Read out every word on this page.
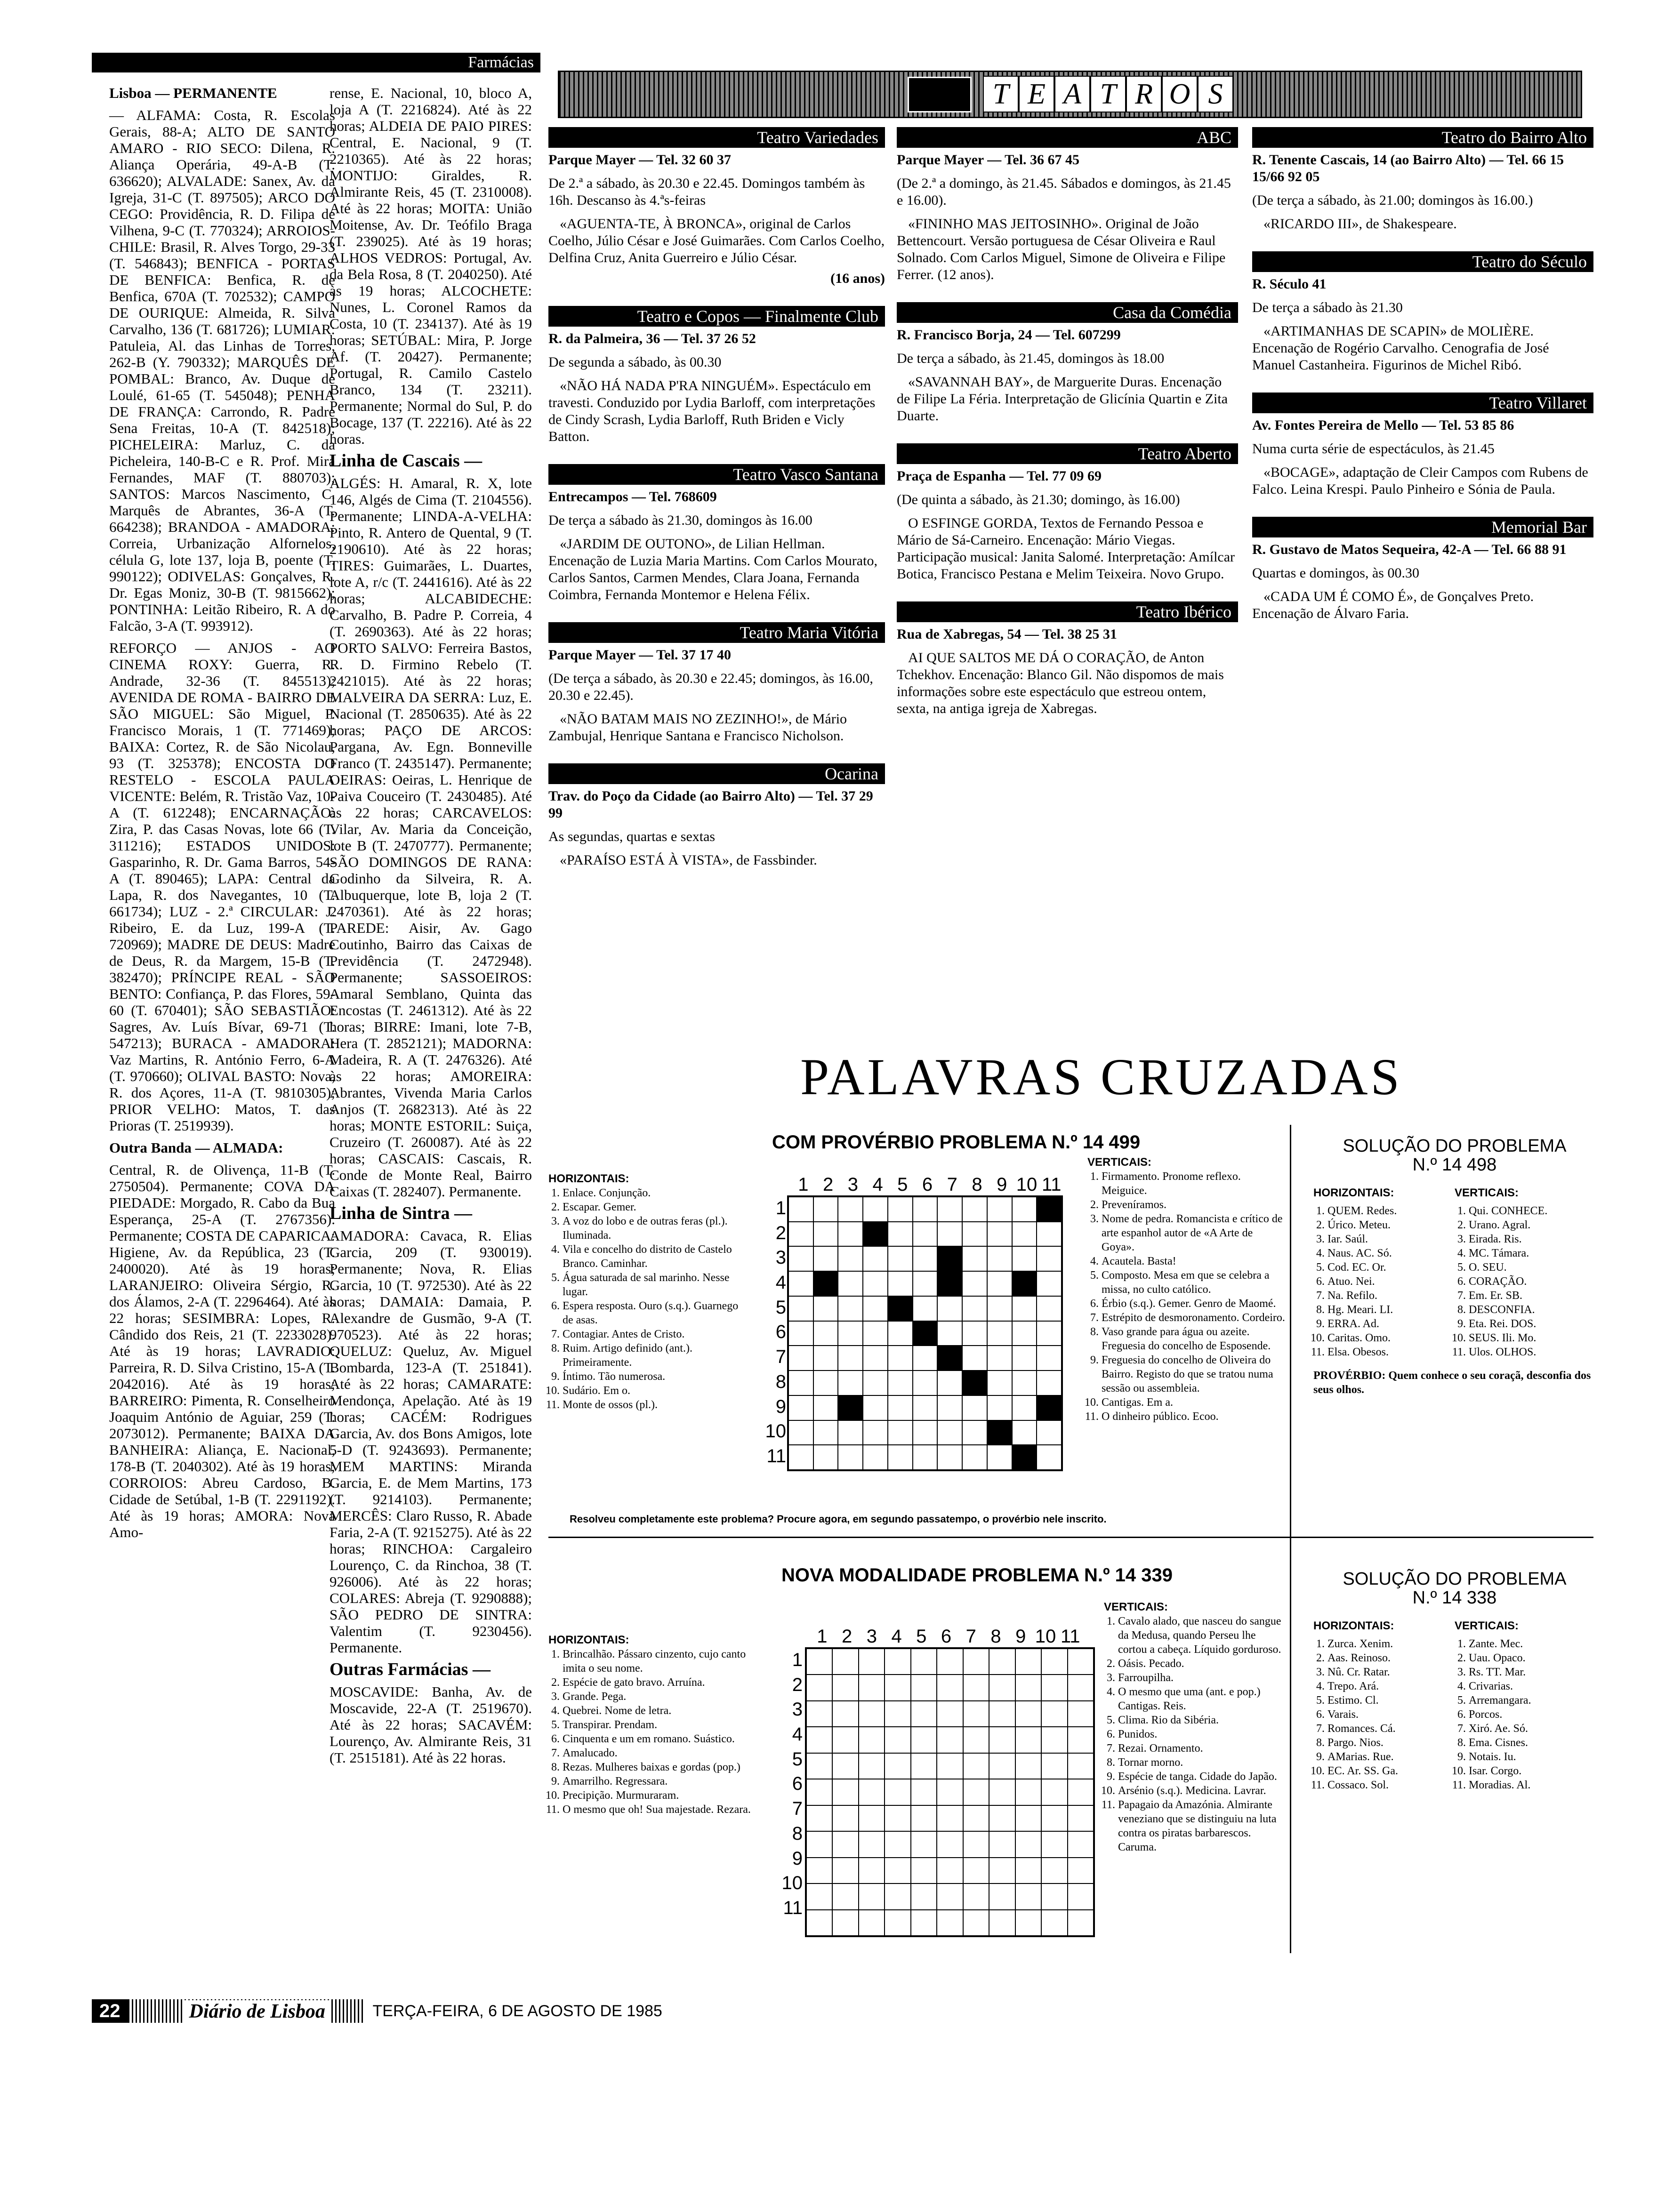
Farmácias

Lisboa — PERMANENTE

— ALFAMA: Costa, R. Escolas Gerais, 88-A; ALTO DE SANTO AMARO - RIO SECO: Dilena, R. Aliança Operária, 49-A-B (T. 636620); ALVALADE: Sanex, Av. da Igreja, 31-C (T. 897505); ARCO DO CEGO: Providência, R. D. Filipa de Vilhena, 9-C (T. 770324); ARROIOS-CHILE: Brasil, R. Alves Torgo, 29-33 (T. 546843); BENFICA - PORTAS DE BENFICA: Benfica, R. de Benfica, 670A (T. 702532); CAMPO DE OURIQUE: Almeida, R. Silva Carvalho, 136 (T. 681726); LUMIAR: Patuleia, Al. das Linhas de Torres, 262-B (Y. 790332); MARQUÊS DE POMBAL: Branco, Av. Duque de Loulé, 61-65 (T. 545048); PENHA DE FRANÇA: Carrondo, R. Padre Sena Freitas, 10-A (T. 842518); PICHELEIRA: Marluz, C. da Picheleira, 140-B-C e R. Prof. Mira Fernandes, MAF (T. 880703); SANTOS: Marcos Nascimento, C. Marquês de Abrantes, 36-A (T. 664238); BRANDOA - AMADORA: Correia, Urbanização Alfornelos, célula G, lote 137, loja B, poente (T. 990122); ODIVELAS: Gonçalves, R. Dr. Egas Moniz, 30-B (T. 9815662); PONTINHA: Leitão Ribeiro, R. A do Falcão, 3-A (T. 993912).

REFORÇO — ANJOS - AO CINEMA ROXY: Guerra, R. Andrade, 32-36 (T. 845513); AVENIDA DE ROMA - BAIRRO DE SÃO MIGUEL: São Miguel, P. Francisco Morais, 1 (T. 771469); BAIXA: Cortez, R. de São Nicolau, 93 (T. 325378); ENCOSTA DO RESTELO - ESCOLA PAULA VICENTE: Belém, R. Tristão Vaz, 10-A (T. 612248); ENCARNAÇÃO: Zira, P. das Casas Novas, lote 66 (T. 311216); ESTADOS UNIDOS: Gasparinho, R. Dr. Gama Barros, 54-A (T. 890465); LAPA: Central da Lapa, R. dos Navegantes, 10 (T. 661734); LUZ - 2.ª CIRCULAR: J. Ribeiro, E. da Luz, 199-A (T. 720969); MADRE DE DEUS: Madre de Deus, R. da Margem, 15-B (T. 382470); PRÍNCIPE REAL - SÃO BENTO: Confiança, P. das Flores, 59-60 (T. 670401); SÃO SEBASTIÃO: Sagres, Av. Luís Bívar, 69-71 (T. 547213); BURACA - AMADORA: Vaz Martins, R. António Ferro, 6-A (T. 970660); OLIVAL BASTO: Nova, R. dos Açores, 11-A (T. 9810305); PRIOR VELHO: Matos, T. das Prioras (T. 2519939).

Outra Banda — ALMADA:

Central, R. de Olivença, 11-B (T. 2750504). Permanente; COVA DA PIEDADE: Morgado, R. Cabo da Bua Esperança, 25-A (T. 2767356). Permanente; COSTA DE CAPARICA: Higiene, Av. da República, 23 (T. 2400020). Até às 19 horas; LARANJEIRO: Oliveira Sérgio, R. dos Álamos, 2-A (T. 2296464). Até às 22 horas; SESIMBRA: Lopes, R. Cândido dos Reis, 21 (T. 2233028). Até às 19 horas; LAVRADIO: Parreira, R. D. Silva Cristino, 15-A (T. 2042016). Até às 19 horas; BARREIRO: Pimenta, R. Conselheiro Joaquim António de Aguiar, 259 (T. 2073012). Permanente; BAIXA DA BANHEIRA: Aliança, E. Nacional, 178-B (T. 2040302). Até às 19 horas; CORROIOS: Abreu Cardoso, B. Cidade de Setúbal, 1-B (T. 2291192). Até às 19 horas; AMORA: Nova Amo-

rense, E. Nacional, 10, bloco A, loja A (T. 2216824). Até às 22 horas; ALDEIA DE PAIO PIRES: Central, E. Nacional, 9 (T. 2210365). Até às 22 horas; MONTIJO: Giraldes, R. Almirante Reis, 45 (T. 2310008). Até às 22 horas; MOITA: União Moitense, Av. Dr. Teófilo Braga (T. 239025). Até às 19 horas; ALHOS VEDROS: Portugal, Av. da Bela Rosa, 8 (T. 2040250). Até às 19 horas; ALCOCHETE: Nunes, L. Coronel Ramos da Costa, 10 (T. 234137). Até às 19 horas; SETÚBAL: Mira, P. Jorge Af. (T. 20427). Permanente; Portugal, R. Camilo Castelo Branco, 134 (T. 23211). Permanente; Normal do Sul, P. do Bocage, 137 (T. 22216). Até às 22 horas.

Linha de Cascais —

ALGÉS: H. Amaral, R. X, lote 146, Algés de Cima (T. 2104556). Permanente; LINDA-A-VELHA: Pinto, R. Antero de Quental, 9 (T. 2190610). Até às 22 horas; TIRES: Guimarães, L. Duartes, lote A, r/c (T. 2441616). Até às 22 horas; ALCABIDECHE: Carvalho, B. Padre P. Correia, 4 (T. 2690363). Até às 22 horas; PORTO SALVO: Ferreira Bastos, R. D. Firmino Rebelo (T. 2421015). Até às 22 horas; MALVEIRA DA SERRA: Luz, E. Nacional (T. 2850635). Até às 22 horas; PAÇO DE ARCOS: Pargana, Av. Egn. Bonneville Franco (T. 2435147). Permanente; OEIRAS: Oeiras, L. Henrique de Paiva Couceiro (T. 2430485). Até às 22 horas; CARCAVELOS: Vilar, Av. Maria da Conceição, lote B (T. 2470777). Permanente; SÃO DOMINGOS DE RANA: Godinho da Silveira, R. A. Albuquerque, lote B, loja 2 (T. 2470361). Até às 22 horas; PAREDE: Aisir, Av. Gago Coutinho, Bairro das Caixas de Previdência (T. 2472948). Permanente; SASSOEIROS: Amaral Semblano, Quinta das Encostas (T. 2461312). Até às 22 horas; BIRRE: Imani, lote 7-B, Hera (T. 2852121); MADORNA: Madeira, R. A (T. 2476326). Até às 22 horas; AMOREIRA: Abrantes, Vivenda Maria Carlos Anjos (T. 2682313). Até às 22 horas; MONTE ESTORIL: Suiça, Cruzeiro (T. 260087). Até às 22 horas; CASCAIS: Cascais, R. Conde de Monte Real, Bairro Caixas (T. 282407). Permanente.

Linha de Sintra —

AMADORA: Cavaca, R. Elias Garcia, 209 (T. 930019). Permanente; Nova, R. Elias Garcia, 10 (T. 972530). Até às 22 horas; DAMAIA: Damaia, P. Alexandre de Gusmão, 9-A (T. 970523). Até às 22 horas; QUELUZ: Queluz, Av. Miguel Bombarda, 123-A (T. 251841). Até às 22 horas; CAMARATE: Mendonça, Apelação. Até às 19 horas; CACÉM: Rodrigues Garcia, Av. dos Bons Amigos, lote 5-D (T. 9243693). Permanente; MEM MARTINS: Miranda Garcia, E. de Mem Martins, 173 (T. 9214103). Permanente; MERCÊS: Claro Russo, R. Abade Faria, 2-A (T. 9215275). Até às 22 horas; RINCHOA: Cargaleiro Lourenço, C. da Rinchoa, 38 (T. 926006). Até às 22 horas; COLARES: Abreja (T. 9290888); SÃO PEDRO DE SINTRA: Valentim (T. 9230456). Permanente.

Outras Farmácias —

MOSCAVIDE: Banha, Av. de Moscavide, 22-A (T. 2519670). Até às 22 horas; SACAVÉM: Lourenço, Av. Almirante Reis, 31 (T. 2515181). Até às 22 horas.

T E A T R O S
Teatro Variedades
Parque Mayer — Tel. 32 60 37
De 2.ª a sábado, às 20.30 e 22.45. Domingos também às 16h. Descanso às 4.ªs-feiras
«AGUENTA-TE, À BRONCA», original de Carlos Coelho, Júlio César e José Guimarães. Com Carlos Coelho, Delfina Cruz, Anita Guerreiro e Júlio César.
(16 anos)
Teatro e Copos — Finalmente Club
R. da Palmeira, 36 — Tel. 37 26 52
De segunda a sábado, às 00.30
«NÃO HÁ NADA P'RA NINGUÉM». Espectáculo em travesti. Conduzido por Lydia Barloff, com interpretações de Cindy Scrash, Lydia Barloff, Ruth Briden e Vicly Batton.
Teatro Vasco Santana
Entrecampos — Tel. 768609
De terça a sábado às 21.30, domingos às 16.00
«JARDIM DE OUTONO», de Lilian Hellman. Encenação de Luzia Maria Martins. Com Carlos Mourato, Carlos Santos, Carmen Mendes, Clara Joana, Fernanda Coimbra, Fernanda Montemor e Helena Félix.
Teatro Maria Vitória
Parque Mayer — Tel. 37 17 40
(De terça a sábado, às 20.30 e 22.45; domingos, às 16.00, 20.30 e 22.45).
«NÃO BATAM MAIS NO ZEZINHO!», de Mário Zambujal, Henrique Santana e Francisco Nicholson.
Ocarina
Trav. do Poço da Cidade (ao Bairro Alto) — Tel. 37 29 99
As segundas, quartas e sextas
«PARAÍSO ESTÁ À VISTA», de Fassbinder.
ABC
Parque Mayer — Tel. 36 67 45
(De 2.ª a domingo, às 21.45. Sábados e domingos, às 21.45 e 16.00).
«FININHO MAS JEITOSINHO». Original de João Bettencourt. Versão portuguesa de César Oliveira e Raul Solnado. Com Carlos Miguel, Simone de Oliveira e Filipe Ferrer. (12 anos).
Casa da Comédia
R. Francisco Borja, 24 — Tel. 607299
De terça a sábado, às 21.45, domingos às 18.00
«SAVANNAH BAY», de Marguerite Duras. Encenação de Filipe La Féria. Interpretação de Glicínia Quartin e Zita Duarte.
Teatro Aberto
Praça de Espanha — Tel. 77 09 69
(De quinta a sábado, às 21.30; domingo, às 16.00)
O ESFINGE GORDA, Textos de Fernando Pessoa e Mário de Sá-Carneiro. Encenação: Mário Viegas. Participação musical: Janita Salomé. Interpretação: Amílcar Botica, Francisco Pestana e Melim Teixeira. Novo Grupo.
Teatro Ibérico
Rua de Xabregas, 54 — Tel. 38 25 31
AI QUE SALTOS ME DÁ O CORAÇÃO, de Anton Tchekhov. Encenação: Blanco Gil. Não dispomos de mais informações sobre este espectáculo que estreou ontem, sexta, na antiga igreja de Xabregas.
Teatro do Bairro Alto
R. Tenente Cascais, 14 (ao Bairro Alto) — Tel. 66 15 15/66 92 05
(De terça a sábado, às 21.00; domingos às 16.00.)
«RICARDO III», de Shakespeare.
Teatro do Século
R. Século 41
De terça a sábado às 21.30
«ARTIMANHAS DE SCAPIN» de MOLIÈRE. Encenação de Rogério Carvalho. Cenografia de José Manuel Castanheira. Figurinos de Michel Ribó.
Teatro Villaret
Av. Fontes Pereira de Mello — Tel. 53 85 86
Numa curta série de espectáculos, às 21.45
«BOCAGE», adaptação de Cleir Campos com Rubens de Falco. Leina Krespi. Paulo Pinheiro e Sónia de Paula.
Memorial Bar
R. Gustavo de Matos Sequeira, 42-A — Tel. 66 88 91
Quartas e domingos, às 00.30
«CADA UM É COMO É», de Gonçalves Preto. Encenação de Álvaro Faria.
PALAVRAS CRUZADAS
COM PROVÉRBIO PROBLEMA N.º 14 499
1 2 3 4 5 6 7 8 9 10 11
1
2
3
4
5
6
7
8
9
10
11
HORIZONTAIS:
1. Enlace. Conjunção.
2. Escapar. Gemer.
3. A voz do lobo e de outras feras (pl.). Iluminada.
4. Vila e concelho do distrito de Castelo Branco. Caminhar.
5. Água saturada de sal marinho. Nesse lugar.
6. Espera resposta. Ouro (s.q.). Guarnego de asas.
7. Contagiar. Antes de Cristo.
8. Ruim. Artigo definido (ant.). Primeiramente.
9. Íntimo. Tão numerosa.
10. Sudário. Em o.
11. Monte de ossos (pl.).
VERTICAIS:
1. Firmamento. Pronome reflexo. Meiguice.
2. Preveníramos.
3. Nome de pedra. Romancista e crítico de arte espanhol autor de «A Arte de Goya».
4. Acautela. Basta!
5. Composto. Mesa em que se celebra a missa, no culto católico.
6. Érbio (s.q.). Gemer. Genro de Maomé.
7. Estrépito de desmoronamento. Cordeiro.
8. Vaso grande para água ou azeite. Freguesia do concelho de Esposende.
9. Freguesia do concelho de Oliveira do Bairro. Registo do que se tratou numa sessão ou assembleia.
10. Cantigas. Em a.
11. O dinheiro público. Ecoo.
Resolveu completamente este problema? Procure agora, em segundo passatempo, o provérbio nele inscrito.
SOLUÇÃO DO PROBLEMA
N.º 14 498
HORIZONTAIS:
1. QUEM. Redes.
2. Úrico. Meteu.
3. Iar. Saúl.
4. Naus. AC. Só.
5. Cod. EC. Or.
6. Atuo. Nei.
7. Na. Refilo.
8. Hg. Meari. LI.
9. ERRA. Ad.
10. Caritas. Omo.
11. Elsa. Obesos.
VERTICAIS:
1. Qui. CONHECE.
2. Urano. Agral.
3. Eirada. Ris.
4. MC. Támara.
5. O. SEU.
6. CORAÇÃO.
7. Em. Er. SB.
8. DESCONFIA.
9. Eta. Rei. DOS.
10. SEUS. Ili. Mo.
11. Ulos. OLHOS.
PROVÉRBIO: Quem conhece o seu coraçã, desconfia dos seus olhos.
NOVA MODALIDADE PROBLEMA N.º 14 339
1 2 3 4 5 6 7 8 9 10 11
1
2
3
4
5
6
7
8
9
10
11
HORIZONTAIS:
1. Brincalhão. Pássaro cinzento, cujo canto imita o seu nome.
2. Espécie de gato bravo. Arruína.
3. Grande. Pega.
4. Quebrei. Nome de letra.
5. Transpirar. Prendam.
6. Cinquenta e um em romano. Suástico.
7. Amalucado.
8. Rezas. Mulheres baixas e gordas (pop.)
9. Amarrilho. Regressara.
10. Precipição. Murmuraram.
11. O mesmo que oh! Sua majestade. Rezara.
VERTICAIS:
1. Cavalo alado, que nasceu do sangue da Medusa, quando Perseu lhe cortou a cabeça. Líquido gorduroso.
2. Oásis. Pecado.
3. Farroupilha.
4. O mesmo que uma (ant. e pop.) Cantigas. Reis.
5. Clima. Rio da Sibéria.
6. Punidos.
7. Rezai. Ornamento.
8. Tornar morno.
9. Espécie de tanga. Cidade do Japão.
10. Arsénio (s.q.). Medicina. Lavrar.
11. Papagaio da Amazónia. Almirante veneziano que se distinguiu na luta contra os piratas barbarescos. Caruma.
SOLUÇÃO DO PROBLEMA
N.º 14 338
HORIZONTAIS:
1. Zurca. Xenim.
2. Aas. Reinoso.
3. Nû. Cr. Ratar.
4. Trepo. Ará.
5. Estimo. Cl.
6. Varais.
7. Romances. Cá.
8. Pargo. Nios.
9. AMarias. Rue.
10. EC. Ar. SS. Ga.
11. Cossaco. Sol.
VERTICAIS:
1. Zante. Mec.
2. Uau. Opaco.
3. Rs. TT. Mar.
4. Crivarias.
5. Arremangara.
6. Porcos.
7. Xiró. Ae. Só.
8. Ema. Cisnes.
9. Notais. Iu.
10. Isar. Corgo.
11. Moradias. Al.
22	Diário de Lisboa	TERÇA-FEIRA, 6 DE AGOSTO DE 1985
